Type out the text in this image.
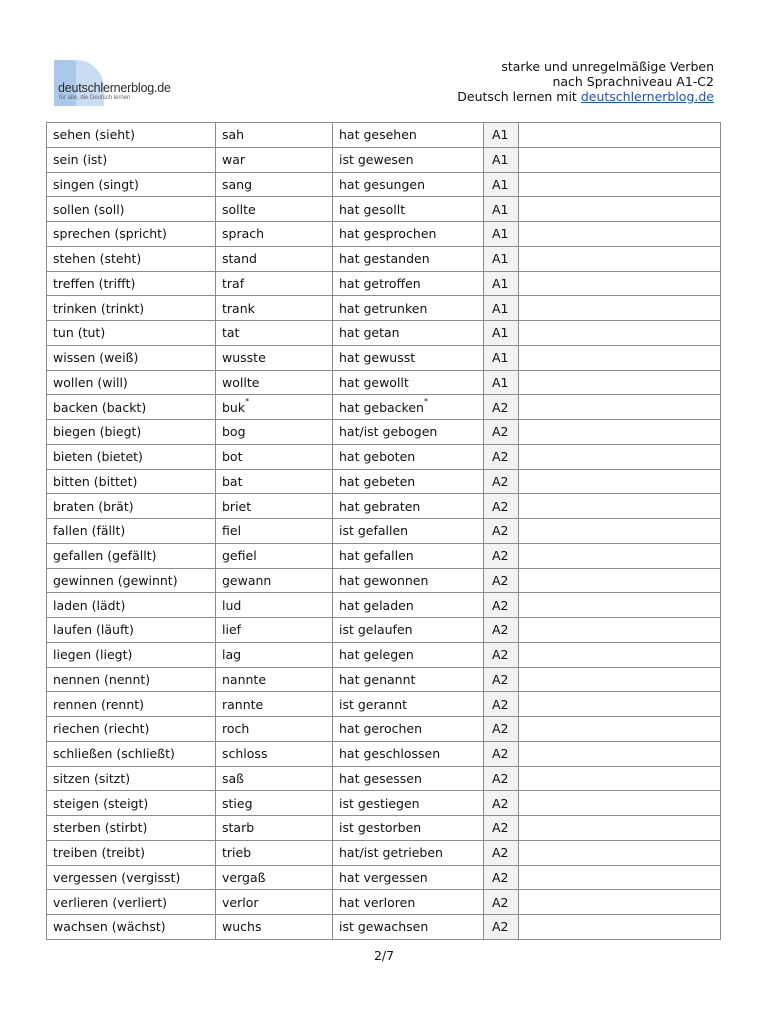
deutschlernerblog.de
für alle, die Deutsch lernen
starke und unregelmäßige Verben
nach Sprachniveau A1-C2
Deutsch lernen mit deutschlernerblog.de
sehen (sieht)	sah	hat gesehen	A1	
sein (ist)	war	ist gewesen	A1	
singen (singt)	sang	hat gesungen	A1	
sollen (soll)	sollte	hat gesollt	A1	
sprechen (spricht)	sprach	hat gesprochen	A1	
stehen (steht)	stand	hat gestanden	A1	
treffen (trifft)	traf	hat getroffen	A1	
trinken (trinkt)	trank	hat getrunken	A1	
tun (tut)	tat	hat getan	A1	
wissen (weiß)	wusste	hat gewusst	A1	
wollen (will)	wollte	hat gewollt	A1	
backen (backt)	buk*	hat gebacken*	A2	
biegen (biegt)	bog	hat/ist gebogen	A2	
bieten (bietet)	bot	hat geboten	A2	
bitten (bittet)	bat	hat gebeten	A2	
braten (brät)	briet	hat gebraten	A2	
fallen (fällt)	fiel	ist gefallen	A2	
gefallen (gefällt)	gefiel	hat gefallen	A2	
gewinnen (gewinnt)	gewann	hat gewonnen	A2	
laden (lädt)	lud	hat geladen	A2	
laufen (läuft)	lief	ist gelaufen	A2	
liegen (liegt)	lag	hat gelegen	A2	
nennen (nennt)	nannte	hat genannt	A2	
rennen (rennt)	rannte	ist gerannt	A2	
riechen (riecht)	roch	hat gerochen	A2	
schließen (schließt)	schloss	hat geschlossen	A2	
sitzen (sitzt)	saß	hat gesessen	A2	
steigen (steigt)	stieg	ist gestiegen	A2	
sterben (stirbt)	starb	ist gestorben	A2	
treiben (treibt)	trieb	hat/ist getrieben	A2	
vergessen (vergisst)	vergaß	hat vergessen	A2	
verlieren (verliert)	verlor	hat verloren	A2	
wachsen (wächst)	wuchs	ist gewachsen	A2	
2/7
